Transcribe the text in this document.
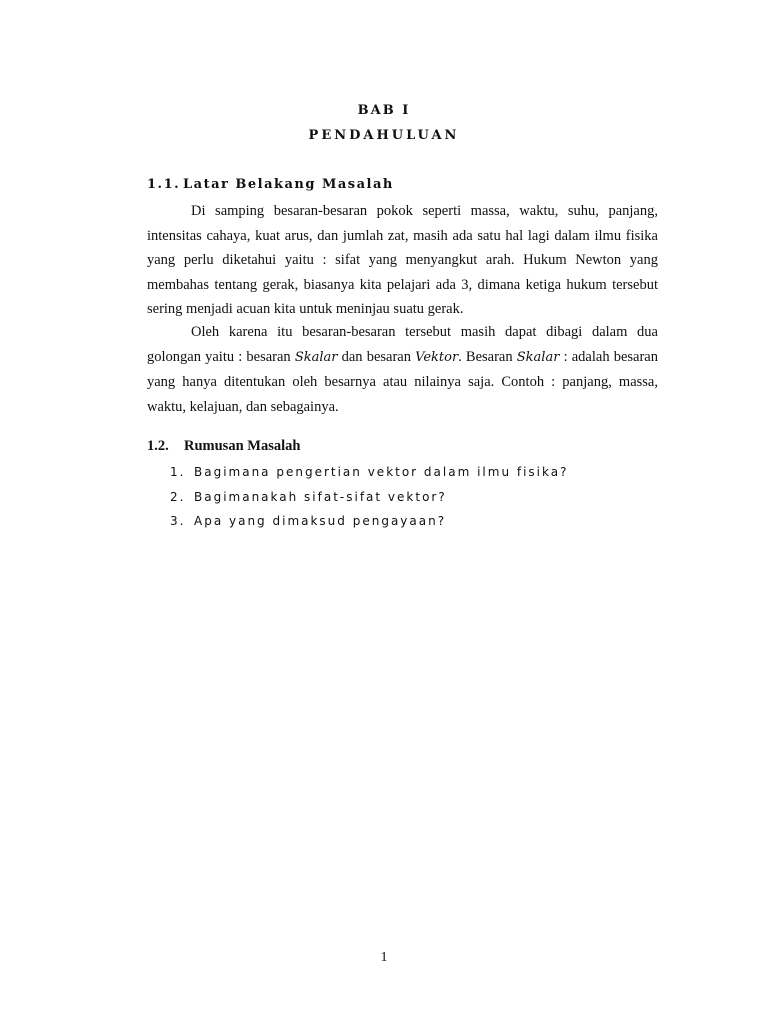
BAB I
PENDAHULUAN
1.1. Latar Belakang Masalah

Di samping besaran-besaran pokok seperti massa, waktu, suhu, panjang, intensitas cahaya, kuat arus, dan jumlah zat, masih ada satu hal lagi dalam ilmu fisika yang perlu diketahui yaitu : sifat yang menyangkut arah. Hukum Newton yang membahas tentang gerak, biasanya kita pelajari ada 3, dimana ketiga hukum tersebut sering menjadi acuan kita untuk meninjau suatu gerak.

Oleh karena itu besaran-besaran tersebut masih dapat dibagi dalam dua golongan yaitu : besaran Skalar dan besaran Vektor. Besaran Skalar : adalah besaran yang hanya ditentukan oleh besarnya atau nilainya saja. Contoh : panjang, massa, waktu, kelajuan, dan sebagainya.

1.2. Rumusan Masalah
1. Bagimana pengertian vektor dalam ilmu fisika?
2. Bagimanakah sifat-sifat vektor?
3. Apa yang dimaksud pengayaan?
1
